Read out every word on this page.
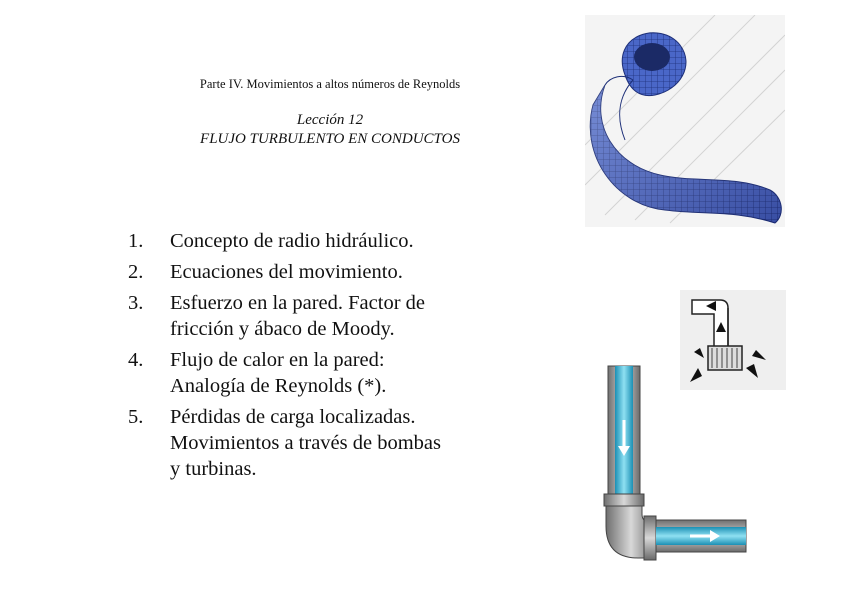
Parte IV. Movimientos a altos números de Reynolds

Lección 12

FLUJO TURBULENTO EN CONDUCTOS

1.	Concepto de radio hidráulico.
2.	Ecuaciones del movimiento.
3.	Esfuerzo en la pared. Factor de
fricción y ábaco de Moody.
4.	Flujo de calor en la pared:
Analogía de Reynolds (*).
5.	Pérdidas de carga localizadas.
Movimientos a través de bombas
y turbinas.
